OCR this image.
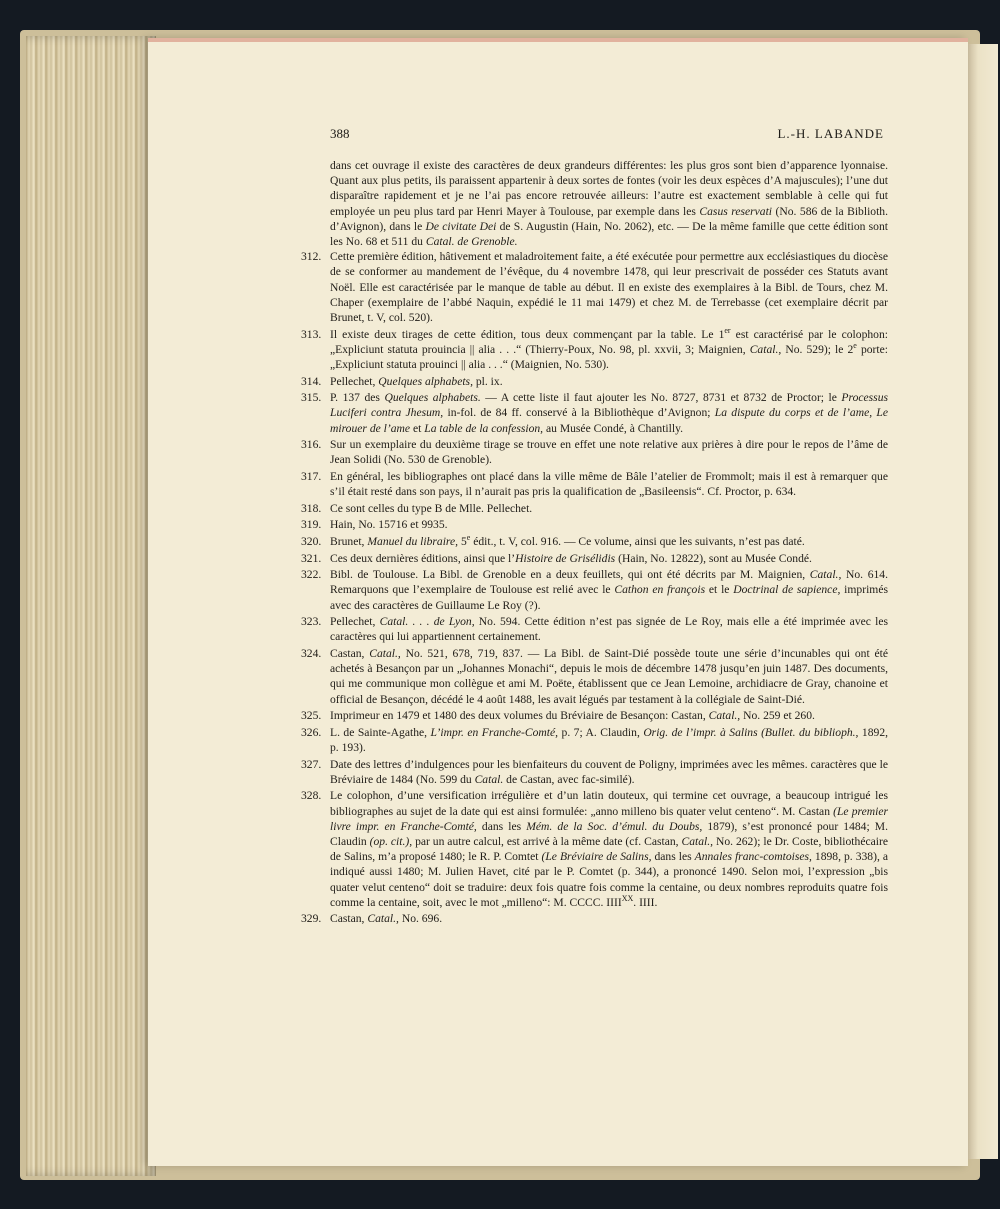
388	L.-H. LABANDE

dans cet ouvrage il existe des caractères de deux grandeurs différentes: les plus gros sont bien d’apparence lyonnaise. Quant aux plus petits, ils paraissent appartenir à deux sortes de fontes (voir les deux espèces d’A majuscules); l’une dut disparaître rapidement et je ne l’ai pas encore retrouvée ailleurs: l’autre est exactement semblable à celle qui fut employée un peu plus tard par Henri Mayer à Toulouse, par exemple dans les Casus reservati (No. 586 de la Biblioth. d’Avignon), dans le De civitate Dei de S. Augustin (Hain, No. 2062), etc. — De la même famille que cette édition sont les No. 68 et 511 du Catal. de Grenoble.

312. Cette première édition, hâtivement et maladroitement faite, a été exécutée pour permettre aux ecclésiastiques du diocèse de se conformer au mandement de l’évêque, du 4 novembre 1478, qui leur prescrivait de posséder ces Statuts avant Noël. Elle est caractérisée par le manque de table au début. Il en existe des exemplaires à la Bibl. de Tours, chez M. Chaper (exemplaire de l’abbé Naquin, expédié le 11 mai 1479) et chez M. de Terrebasse (cet exemplaire décrit par Brunet, t. V, col. 520).

313. Il existe deux tirages de cette édition, tous deux commençant par la table. Le 1er est caractérisé par le colophon: „Expliciunt statuta prouincia || alia . . .“ (Thierry-Poux, No. 98, pl. xxvii, 3; Maignien, Catal., No. 529); le 2e porte: „Expliciunt statuta prouinci || alia . . .“ (Maignien, No. 530).

314. Pellechet, Quelques alphabets, pl. ix.

315. P. 137 des Quelques alphabets. — A cette liste il faut ajouter les No. 8727, 8731 et 8732 de Proctor; le Processus Luciferi contra Jhesum, in-fol. de 84 ff. conservé à la Bibliothèque d’Avignon; La dispute du corps et de l’ame, Le mirouer de l’ame et La table de la confession, au Musée Condé, à Chantilly.

316. Sur un exemplaire du deuxième tirage se trouve en effet une note relative aux prières à dire pour le repos de l’âme de Jean Solidi (No. 530 de Grenoble).

317. En général, les bibliographes ont placé dans la ville même de Bâle l’atelier de Frommolt; mais il est à remarquer que s’il était resté dans son pays, il n’aurait pas pris la qualification de „Basileensis“. Cf. Proctor, p. 634.

318. Ce sont celles du type B de Mlle. Pellechet.

319. Hain, No. 15716 et 9935.

320. Brunet, Manuel du libraire, 5e édit., t. V, col. 916. — Ce volume, ainsi que les suivants, n’est pas daté.

321. Ces deux dernières éditions, ainsi que l’Histoire de Grisélidis (Hain, No. 12822), sont au Musée Condé.

322. Bibl. de Toulouse. La Bibl. de Grenoble en a deux feuillets, qui ont été décrits par M. Maignien, Catal., No. 614. Remarquons que l’exemplaire de Toulouse est relié avec le Cathon en françois et le Doctrinal de sapience, imprimés avec des caractères de Guillaume Le Roy (?).

323. Pellechet, Catal. . . . de Lyon, No. 594. Cette édition n’est pas signée de Le Roy, mais elle a été imprimée avec les caractères qui lui appartiennent certainement.

324. Castan, Catal., No. 521, 678, 719, 837. — La Bibl. de Saint-Dié possède toute une série d’incunables qui ont été achetés à Besançon par un „Johannes Monachi“, depuis le mois de décembre 1478 jusqu’en juin 1487. Des documents, qui me communique mon collègue et ami M. Poëte, établissent que ce Jean Lemoine, archidiacre de Gray, chanoine et official de Besançon, décédé le 4 août 1488, les avait légués par testament à la collégiale de Saint-Dié.

325. Imprimeur en 1479 et 1480 des deux volumes du Bréviaire de Besançon: Castan, Catal., No. 259 et 260.

326. L. de Sainte-Agathe, L’impr. en Franche-Comté, p. 7; A. Claudin, Orig. de l’impr. à Salins (Bullet. du biblioph., 1892, p. 193).

327. Date des lettres d’indulgences pour les bienfaiteurs du couvent de Poligny, imprimées avec les mêmes. caractères que le Bréviaire de 1484 (No. 599 du Catal. de Castan, avec fac-similé).

328. Le colophon, d’une versification irrégulière et d’un latin douteux, qui termine cet ouvrage, a beaucoup intrigué les bibliographes au sujet de la date qui est ainsi formulée: „anno milleno bis quater velut centeno“. M. Castan (Le premier livre impr. en Franche-Comté, dans les Mém. de la Soc. d’émul. du Doubs, 1879), s’est prononcé pour 1484; M. Claudin (op. cit.), par un autre calcul, est arrivé à la même date (cf. Castan, Catal., No. 262); le Dr. Coste, bibliothécaire de Salins, m’a proposé 1480; le R. P. Comtet (Le Bréviaire de Salins, dans les Annales franc-comtoises, 1898, p. 338), a indiqué aussi 1480; M. Julien Havet, cité par le P. Comtet (p. 344), a prononcé 1490. Selon moi, l’expression „bis quater velut centeno“ doit se traduire: deux fois quatre fois comme la centaine, ou deux nombres reproduits quatre fois comme la centaine, soit, avec le mot „milleno“: M. CCCC. $IIII^{XX}$. IIII.

329. Castan, Catal., No. 696.
